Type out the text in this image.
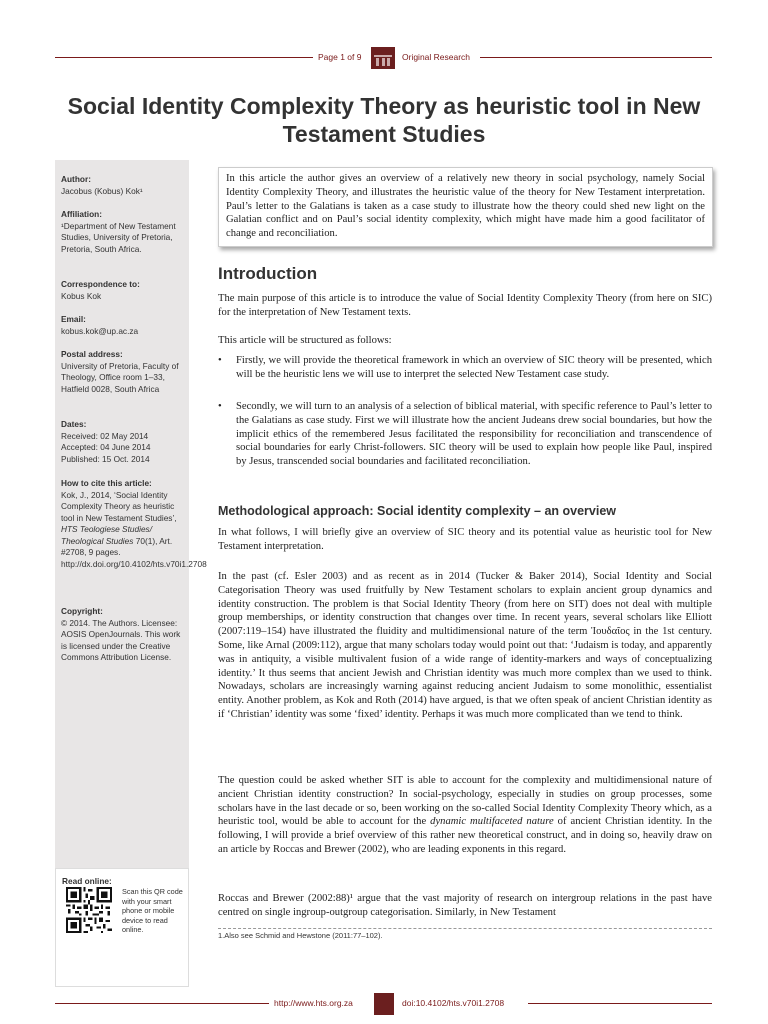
Page 1 of 9	Original Research
Social Identity Complexity Theory as heuristic tool in New Testament Studies
Author:
Jacobus (Kobus) Kok¹
Affiliation:
¹Department of New Testament Studies, University of Pretoria, Pretoria, South Africa.
Correspondence to:
Kobus Kok
Email:
kobus.kok@up.ac.za
Postal address:
University of Pretoria, Faculty of Theology, Office room 1–33, Hatfield 0028, South Africa
Dates:
Received: 02 May 2014
Accepted: 04 June 2014
Published: 15 Oct. 2014
How to cite this article:
Kok, J., 2014, ‘Social Identity Complexity Theory as heuristic tool in New Testament Studies’, HTS Teologiese Studies/ Theological Studies 70(1), Art. #2708, 9 pages. http://dx.doi.org/10.4102/hts.v70i1.2708
Copyright:
© 2014. The Authors. Licensee: AOSIS OpenJournals. This work is licensed under the Creative Commons Attribution License.
Read online:
Scan this QR code with your smart phone or mobile device to read online.

In this article the author gives an overview of a relatively new theory in social psychology, namely Social Identity Complexity Theory, and illustrates the heuristic value of the theory for New Testament interpretation. Paul’s letter to the Galatians is taken as a case study to illustrate how the theory could shed new light on the Galatian conflict and on Paul’s social identity complexity, which might have made him a good facilitator of change and reconciliation.

Introduction

The main purpose of this article is to introduce the value of Social Identity Complexity Theory (from here on SIC) for the interpretation of New Testament texts.

This article will be structured as follows:

• Firstly, we will provide the theoretical framework in which an overview of SIC theory will be presented, which will be the heuristic lens we will use to interpret the selected New Testament case study.
• Secondly, we will turn to an analysis of a selection of biblical material, with specific reference to Paul’s letter to the Galatians as case study. First we will illustrate how the ancient Judeans drew social boundaries, but how the implicit ethics of the remembered Jesus facilitated the responsibility for reconciliation and transcendence of social boundaries for early Christ-followers. SIC theory will be used to explain how people like Paul, inspired by Jesus, transcended social boundaries and facilitated reconciliation.
Methodological approach: Social identity complexity – an overview

In what follows, I will briefly give an overview of SIC theory and its potential value as heuristic tool for New Testament interpretation.

In the past (cf. Esler 2003) and as recent as in 2014 (Tucker & Baker 2014), Social Identity and Social Categorisation Theory was used fruitfully by New Testament scholars to explain ancient group dynamics and identity construction. The problem is that Social Identity Theory (from here on SIT) does not deal with multiple group memberships, or identity construction that changes over time. In recent years, several scholars like Elliott (2007:119–154) have illustrated the fluidity and multidimensional nature of the term Ἰουδαῖος in the 1st century. Some, like Arnal (2009:112), argue that many scholars today would point out that: ‘Judaism is today, and apparently was in antiquity, a visible multivalent fusion of a wide range of identity-markers and ways of conceptualizing identity.’ It thus seems that ancient Jewish and Christian identity was much more complex than we used to think. Nowadays, scholars are increasingly warning against reducing ancient Judaism to some monolithic, essentialist entity. Another problem, as Kok and Roth (2014) have argued, is that we often speak of ancient Christian identity as if ‘Christian’ identity was some ‘fixed’ identity. Perhaps it was much more complicated than we tend to think.

The question could be asked whether SIT is able to account for the complexity and multidimensional nature of ancient Christian identity construction? In social-psychology, especially in studies on group processes, some scholars have in the last decade or so, been working on the so-called Social Identity Complexity Theory which, as a heuristic tool, would be able to account for the dynamic multifaceted nature of ancient Christian identity. In the following, I will provide a brief overview of this rather new theoretical construct, and in doing so, heavily draw on an article by Roccas and Brewer (2002), who are leading exponents in this regard.

Roccas and Brewer (2002:88)¹ argue that the vast majority of research on intergroup relations in the past have centred on single ingroup-outgroup categorisation. Similarly, in New Testament

1.Also see Schmid and Hewstone (2011:77–102).
http://www.hts.org.za	doi:10.4102/hts.v70i1.2708
